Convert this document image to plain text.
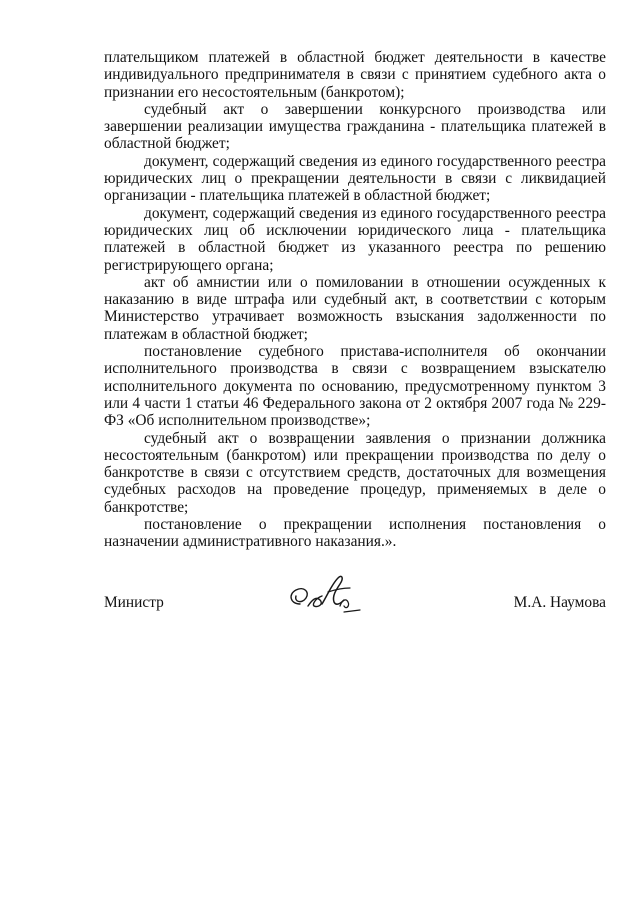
плательщиком платежей в областной бюджет деятельности в качестве индивидуального предпринимателя в связи с принятием судебного акта о признании его несостоятельным (банкротом);

судебный акт о завершении конкурсного производства или завершении реализации имущества гражданина - плательщика платежей в областной бюджет;

документ, содержащий сведения из единого государственного реестра юридических лиц о прекращении деятельности в связи с ликвидацией организации - плательщика платежей в областной бюджет;

документ, содержащий сведения из единого государственного реестра юридических лиц об исключении юридического лица - плательщика платежей в областной бюджет из указанного реестра по решению регистрирующего органа;

акт об амнистии или о помиловании в отношении осужденных к наказанию в виде штрафа или судебный акт, в соответствии с которым Министерство утрачивает возможность взыскания задолженности по платежам в областной бюджет;

постановление судебного пристава-исполнителя об окончании исполнительного производства в связи с возвращением взыскателю исполнительного документа по основанию, предусмотренному пунктом 3 или 4 части 1 статьи 46 Федерального закона от 2 октября 2007 года № 229-ФЗ «Об исполнительном производстве»;

судебный акт о возвращении заявления о признании должника несостоятельным (банкротом) или прекращении производства по делу о банкротстве в связи с отсутствием средств, достаточных для возмещения судебных расходов на проведение процедур, применяемых в деле о банкротстве;

постановление о прекращении исполнения постановления о назначении административного наказания.».

Министр	М.А. Наумова
